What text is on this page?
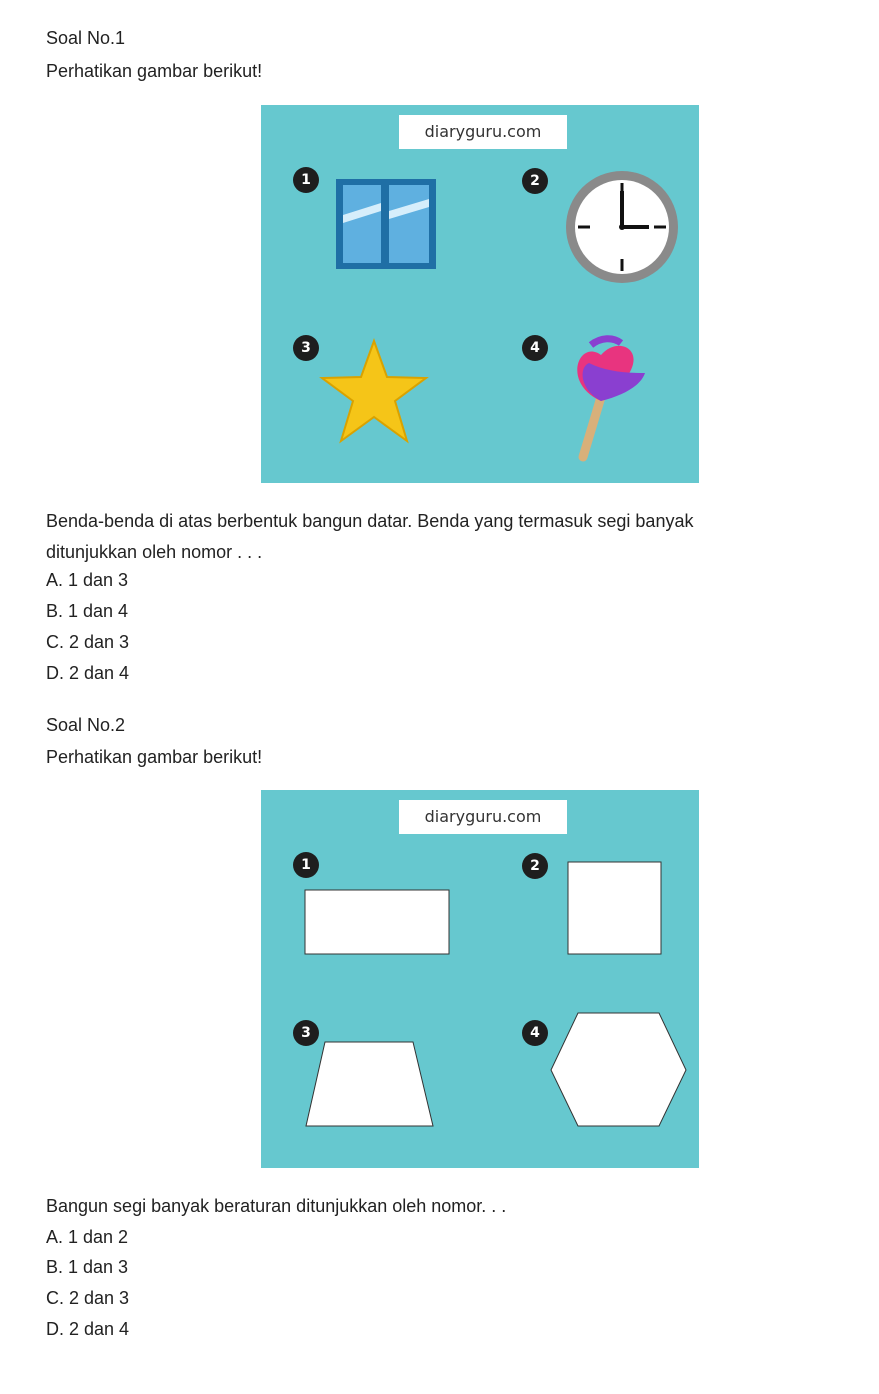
Soal No.1
Perhatikan gambar berikut!
diaryguru.com
1	2
3	4
Benda-benda di atas berbentuk bangun datar. Benda yang termasuk segi banyak
ditunjukkan oleh nomor . . .
A. 1 dan 3
B. 1 dan 4
C. 2 dan 3
D. 2 dan 4
Soal No.2
Perhatikan gambar berikut!
diaryguru.com
1	2
3	4
Bangun segi banyak beraturan ditunjukkan oleh nomor. . .
A. 1 dan 2
B. 1 dan 3
C. 2 dan 3
D. 2 dan 4
